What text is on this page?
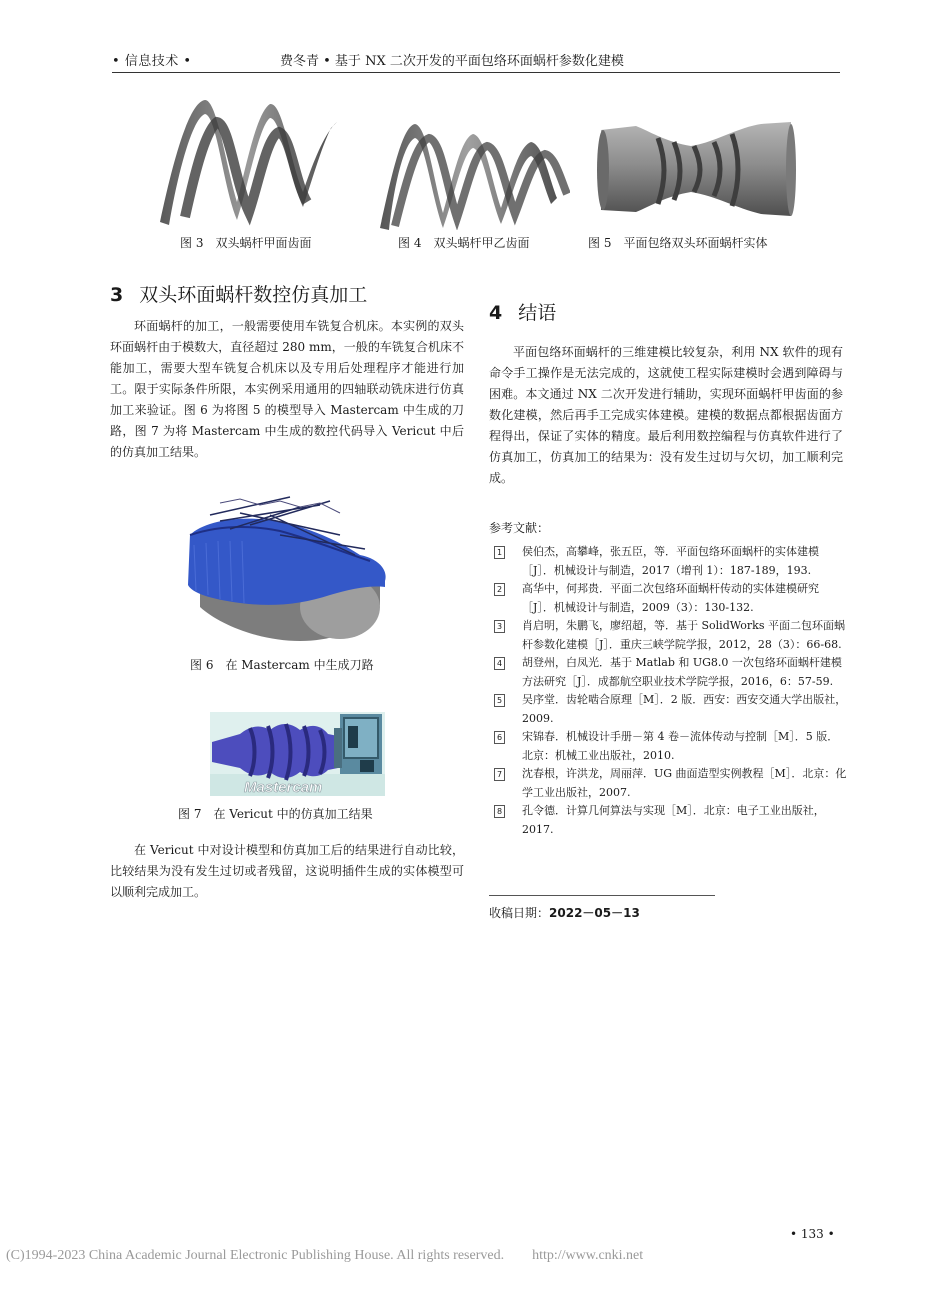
• 信息技术 •	费冬青 • 基于 NX 二次开发的平面包络环面蜗杆参数化建模
图 3　双头蜗杆甲面齿面	图 4　双头蜗杆甲乙齿面	图 5　平面包络双头环面蜗杆实体
3 双头环面蜗杆数控仿真加工

环面蜗杆的加工，一般需要使用车铣复合机床。本实例的双头环面蜗杆由于模数大，直径超过 280 mm，一般的车铣复合机床不能加工，需要大型车铣复合机床以及专用后处理程序才能进行加工。限于实际条件所限，本实例采用通用的四轴联动铣床进行仿真加工来验证。图 6 为将图 5 的模型导入 Mastercam 中生成的刀路，图 7 为将 Mastercam 中生成的数控代码导入 Vericut 中后的仿真加工结果。

图 6　在 Mastercam 中生成刀路
Mastercam
图 7　在 Vericut 中的仿真加工结果

在 Vericut 中对设计模型和仿真加工后的结果进行自动比较，比较结果为没有发生过切或者残留，这说明插件生成的实体模型可以顺利完成加工。

4 结语

平面包络环面蜗杆的三维建模比较复杂，利用 NX 软件的现有命令手工操作是无法完成的，这就使工程实际建模时会遇到障碍与困难。本文通过 NX 二次开发进行辅助，实现环面蜗杆甲齿面的参数化建模，然后再手工完成实体建模。建模的数据点都根据齿面方程得出，保证了实体的精度。最后利用数控编程与仿真软件进行了仿真加工，仿真加工的结果为：没有发生过切与欠切，加工顺利完成。

参考文献：
1 侯伯杰，高攀峰，张五臣，等．平面包络环面蜗杆的实体建模［J］．机械设计与制造，2017（增刊 1）：187-189，193.
2 高华中，何邦贵．平面二次包络环面蜗杆传动的实体建模研究［J］．机械设计与制造，2009（3）：130-132.
3 肖启明，朱鹏飞，廖绍超，等．基于 SolidWorks 平面二包环面蜗杆参数化建模［J］．重庆三峡学院学报，2012，28（3）：66-68.
4 胡登州，白凤光．基于 Matlab 和 UG8.0 一次包络环面蜗杆建模方法研究［J］．成都航空职业技术学院学报，2016，6：57-59.
5 吴序堂．齿轮啮合原理［M］．2 版．西安：西安交通大学出版社，2009.
6 宋锦春．机械设计手册－第 4 卷－流体传动与控制［M］．5 版．北京：机械工业出版社，2010.
7 沈春根，许洪龙，周丽萍．UG 曲面造型实例教程［M］．北京：化学工业出版社，2007.
8 孔令德．计算几何算法与实现［M］．北京：电子工业出版社，2017.
收稿日期：2022－05－13
• 133 •
(C)1994-2023 China Academic Journal Electronic Publishing House. All rights reserved.　　http://www.cnki.net
